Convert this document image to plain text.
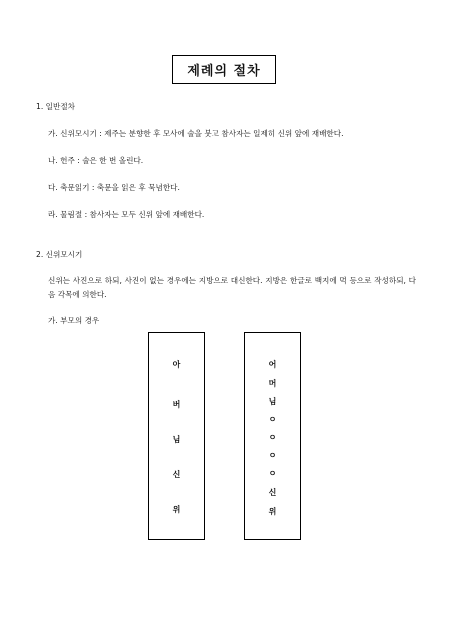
제례의 절차
1. 일반절차
가. 신위모시기 : 제주는 분향한 후 모사에 술을 붓고 참사자는 일제히 신위 앞에 재배한다.
나. 헌주 : 술은 한 번 올린다.
다. 축문읽기 : 축문을 읽은 후 묵념한다.
라. 물림절 : 참사자는 모두 신위 앞에 재배한다.
2. 신위모시기
신위는 사진으로 하되, 사진이 없는 경우에는 지방으로 대신한다. 지방은 한글로 백지에 먹 등으로 작성하되, 다음 각목에 의한다.
가. 부모의 경우
아
버
님
신
위
어
머
님
ㅇ
ㅇ
ㅇ
ㅇ
신
위
